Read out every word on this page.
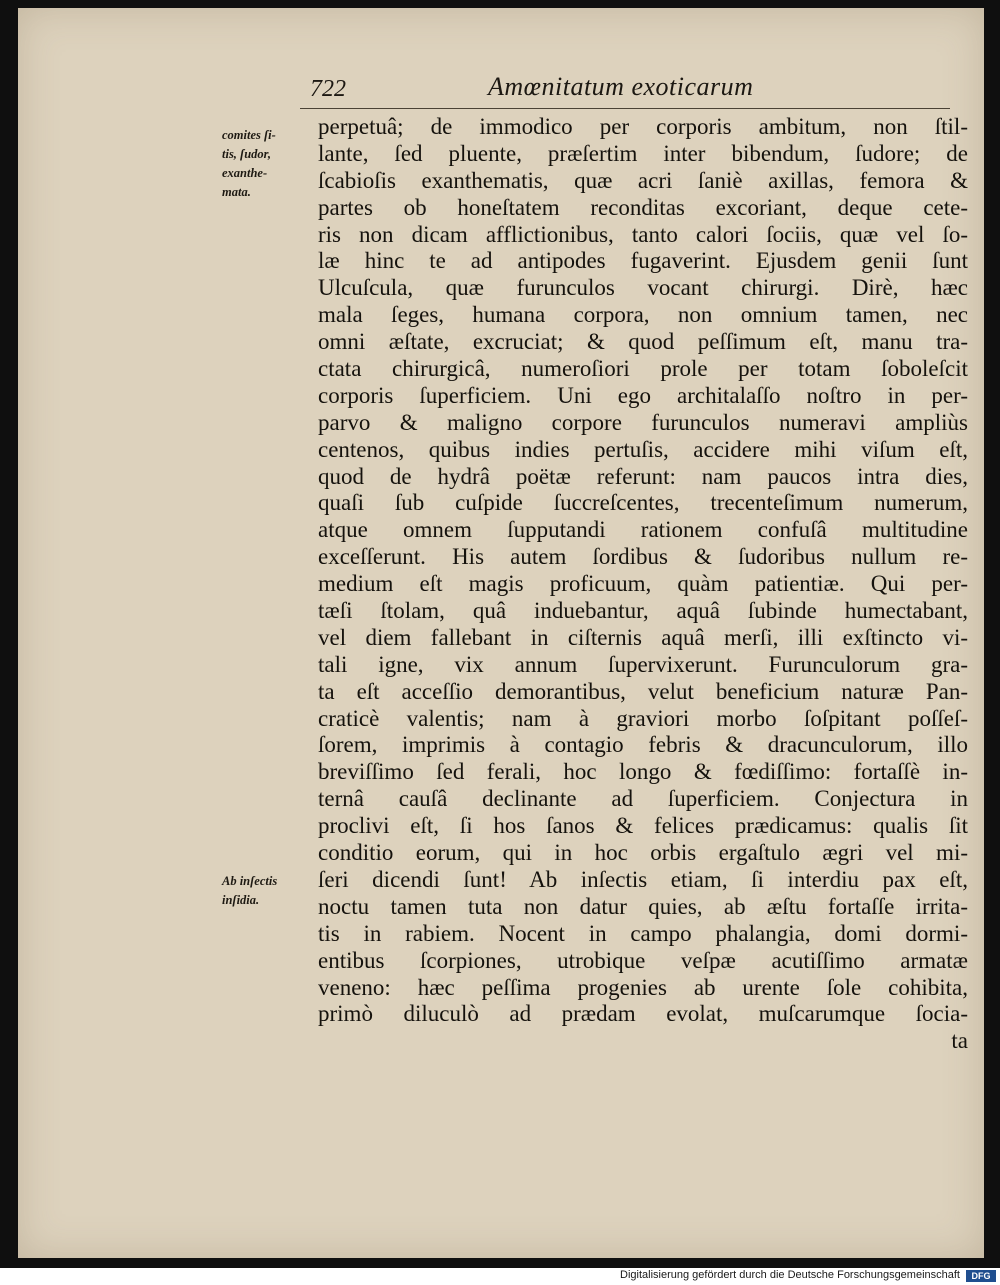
722	Amœnitatum exoticarum
comites ſi-
tis, ſudor,
exanthe-
mata.
Ab inſectis
inſidia.
perpetuâ; de immodico per corporis ambitum, non ſtil-
lante, ſed pluente, præſertim inter bibendum, ſudore; de
ſcabioſis exanthematis, quæ acri ſaniè axillas, femora &
partes ob honeſtatem reconditas excoriant, deque cete-
ris non dicam afflictionibus, tanto calori ſociis, quæ vel ſo-
læ hinc te ad antipodes fugaverint. Ejusdem genii ſunt
Ulcuſcula, quæ furunculos vocant chirurgi. Dirè, hæc
mala ſeges, humana corpora, non omnium tamen, nec
omni æſtate, excruciat; & quod peſſimum eſt, manu tra-
ctata chirurgicâ, numeroſiori prole per totam ſoboleſcit
corporis ſuperficiem. Uni ego architalaſſo noſtro in per-
parvo & maligno corpore furunculos numeravi ampliùs
centenos, quibus indies pertuſis, accidere mihi viſum eſt,
quod de hydrâ poëtæ referunt: nam paucos intra dies,
quaſi ſub cuſpide ſuccreſcentes, trecenteſimum numerum,
atque omnem ſupputandi rationem confuſâ multitudine
exceſſerunt. His autem ſordibus & ſudoribus nullum re-
medium eſt magis proficuum, quàm patientiæ. Qui per-
tæſi ſtolam, quâ induebantur, aquâ ſubinde humectabant,
vel diem fallebant in ciſternis aquâ merſi, illi exſtincto vi-
tali igne, vix annum ſupervixerunt. Furunculorum gra-
ta eſt acceſſio demorantibus, velut beneficium naturæ Pan-
craticè valentis; nam à graviori morbo ſoſpitant poſſeſ-
ſorem, imprimis à contagio febris & dracunculorum, illo
breviſſimo ſed ferali, hoc longo & fœdiſſimo: fortaſſè in-
ternâ cauſâ declinante ad ſuperficiem. Conjectura in
proclivi eſt, ſi hos ſanos & felices prædicamus: qualis ſit
conditio eorum, qui in hoc orbis ergaſtulo ægri vel mi-
ſeri dicendi ſunt! Ab inſectis etiam, ſi interdiu pax eſt,
noctu tamen tuta non datur quies, ab æſtu fortaſſe irrita-
tis in rabiem. Nocent in campo phalangia, domi dormi-
entibus ſcorpiones, utrobique veſpæ acutiſſimo armatæ
veneno: hæc peſſima progenies ab urente ſole cohibita,
primò diluculò ad prædam evolat, muſcarumque ſocia-
ta
Digitalisierung gefördert durch die Deutsche Forschungsgemeinschaft	DFG
